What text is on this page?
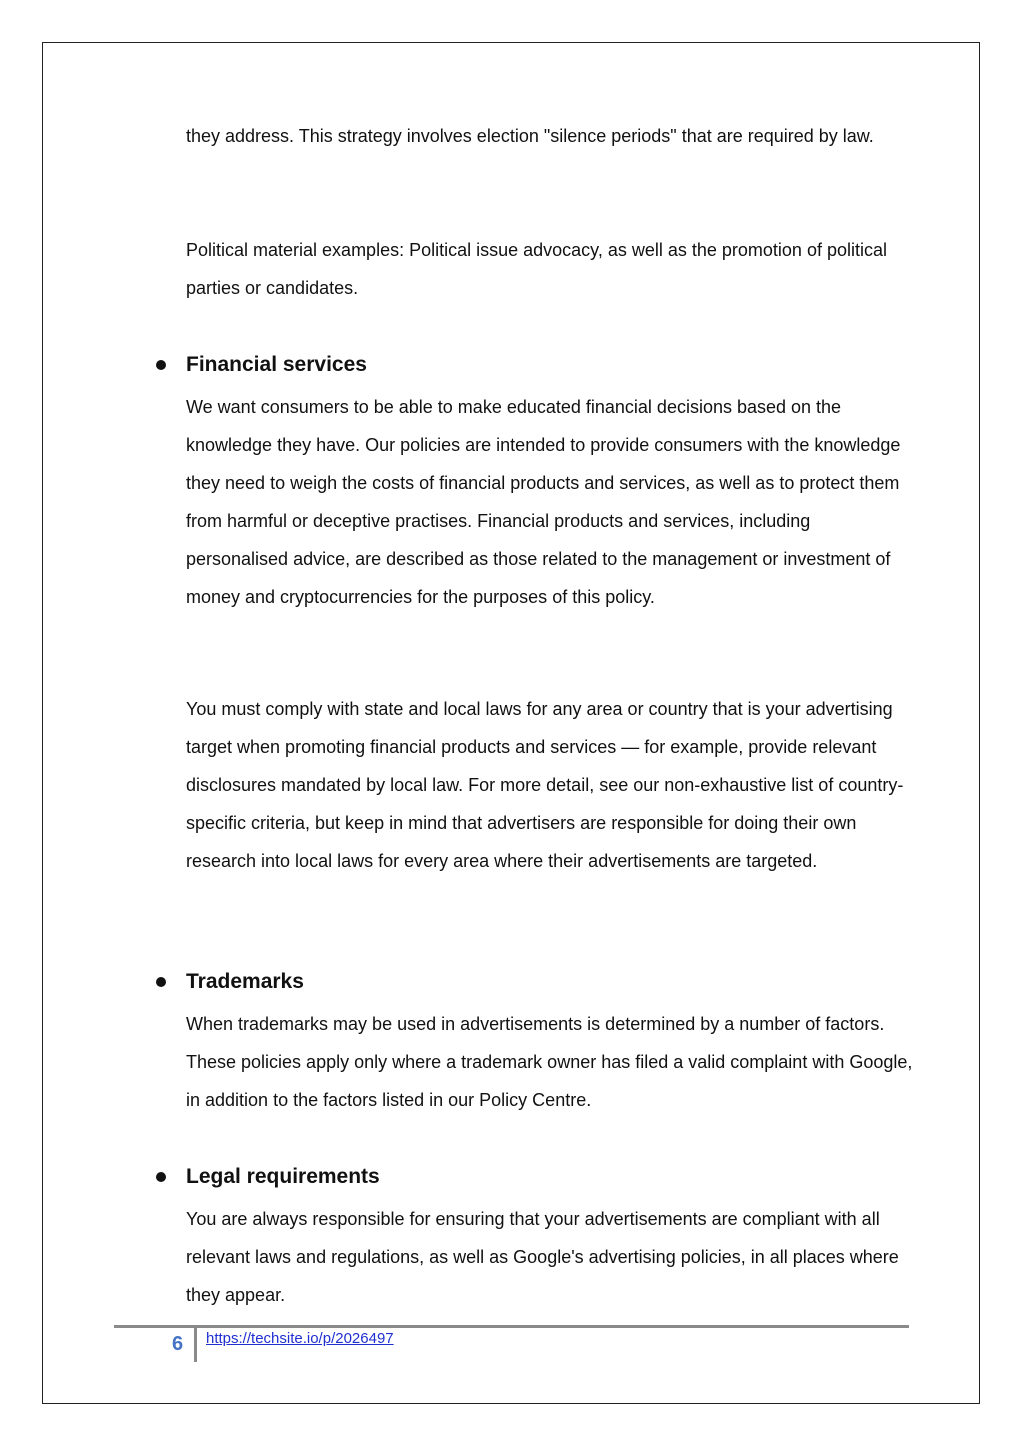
they address. This strategy involves election "silence periods" that are required by law.

Political material examples: Political issue advocacy, as well as the promotion of political parties or candidates.

Financial services

We want consumers to be able to make educated financial decisions based on the knowledge they have. Our policies are intended to provide consumers with the knowledge they need to weigh the costs of financial products and services, as well as to protect them from harmful or deceptive practises. Financial products and services, including personalised advice, are described as those related to the management or investment of money and cryptocurrencies for the purposes of this policy.

You must comply with state and local laws for any area or country that is your advertising target when promoting financial products and services — for example, provide relevant disclosures mandated by local law. For more detail, see our non-exhaustive list of country-specific criteria, but keep in mind that advertisers are responsible for doing their own research into local laws for every area where their advertisements are targeted.

Trademarks

When trademarks may be used in advertisements is determined by a number of factors. These policies apply only where a trademark owner has filed a valid complaint with Google, in addition to the factors listed in our Policy Centre.

Legal requirements

You are always responsible for ensuring that your advertisements are compliant with all relevant laws and regulations, as well as Google's advertising policies, in all places where they appear.

6 https://techsite.io/p/2026497
